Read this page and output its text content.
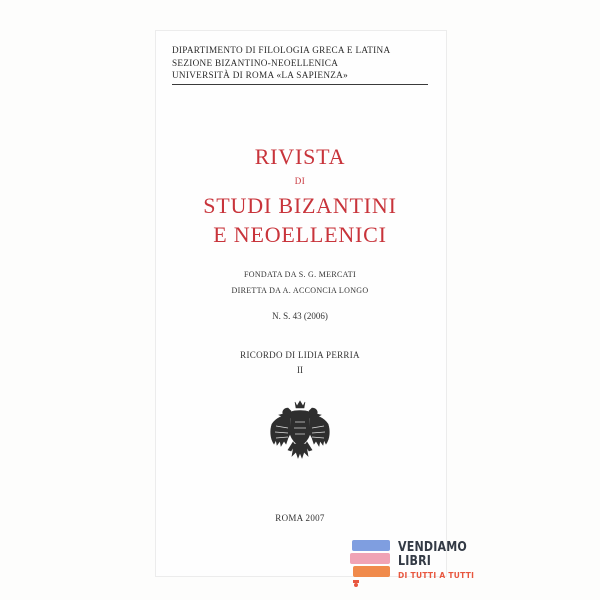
DIPARTIMENTO DI FILOLOGIA GRECA E LATINA
SEZIONE BIZANTINO-NEOELLENICA
UNIVERSITÀ DI ROMA «LA SAPIENZA»
RIVISTA
DI
STUDI BIZANTINI
E NEOELLENICI
FONDATA DA S. G. MERCATI
DIRETTA DA A. ACCONCIA LONGO
N. S. 43 (2006)
RICORDO DI LIDIA PERRIA
II
ROMA 2007
VENDIAMO
LIBRI
DI TUTTI A TUTTI
